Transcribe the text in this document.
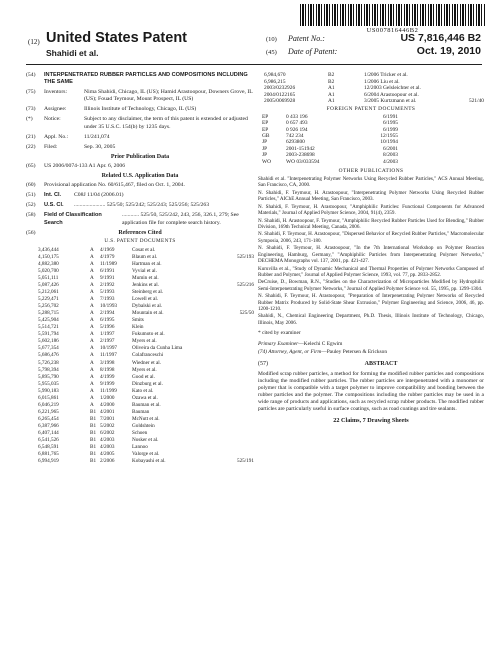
US007816446B2
(12) United States Patent
Shahidi et al.
(10)	Patent No.:	US 7,816,446 B2
(45)	Date of Patent:	Oct. 19, 2010
(54)	INTERPENETRATED RUBBER PARTICLES AND COMPOSITIONS INCLUDING THE SAME
(75)	Inventors:	Nima Shahidi, Chicago, IL (US); Hamid Arastoopour, Downers Grove, IL (US); Fouad Teymour, Mount Prospect, IL (US)
(73)	Assignee:	Illinois Institute of Technology, Chicago, IL (US)
(*)	Notice:	Subject to any disclaimer, the term of this patent is extended or adjusted under 35 U.S.C. 154(b) by 1235 days.
(21)	Appl. No.:	11/241,074
(22)	Filed:	Sep. 30, 2005
Prior Publication Data
(65)	US 2006/0074-133 A1 Apr. 6, 2006
Related U.S. Application Data
(60)	Provisional application No. 60/615,467, filed on Oct. 1, 2004.
(51)	Int. Cl.	C08J 11/04 (2006.01)
(52)	U.S. Cl.	...................... 525/50; 525/242; 525/243; 525/256; 525/263
(58)	Field of Classification Search
............ 525/50, 525/242, 243, 256, 326.1, 279; See application file for complete search history.
(56)	References Cited
U.S. PATENT DOCUMENTS
3,436,444	A	4/1969	Cosat et al.
4,150,175	A	4/1979	Blaum et al.	525/193
4,882,380	A	11/1989	Hartman et al.
5,020,700	A	6/1991	Vyvial et al.
5,051,111	A	9/1991	Mumin et al.
5,087,426	A	2/1992	Jenkins et al.	525/216
5,212,061	A	5/1993	Steinberg et al.
5,229,471	A	7/1993	Lowell et al.
5,256,702	A	10/1993	Dybalski et al.
5,288,715	A	2/1994	Mountain et al.	525/50
5,425,904	A	6/1995	Smits
5,514,721	A	5/1996	Klein
5,591,794	A	1/1997	Fukumoto et al.
5,602,186	A	2/1997	Myers et al.
5,677,354	A	10/1997	Oliveira da Cunha Lima
5,686,476	A	11/1997	Colafranceschi
5,726,238	A	3/1998	Wiedner et al.
5,798,394	A	8/1998	Myers et al.
5,895,790	A	4/1999	Good et al.
5,955,035	A	9/1999	Dinzburg et al.
5,990,183	A	11/1999	Kato et al.
6,015,861	A	1/2000	Ozawa et al.
6,046,219	A	4/2000	Bauman et al.
6,221,965	B1 4/2001	Bauman
6,265,454	B1 7/2001	McNutt et al.
6,387,966	B1 5/2002	Goldshtein
6,407,144	B1 6/2002	Schoen
6,541,526	B1 4/2003	Nosker et al.
6,548,591	B1 4/2003	Lannoo
6,881,765	B1 4/2005	Valorge et al.
6,994,919	B1 2/2006	Kobayashi et al.	525/191
6,984,670	B2	1/2006 Tricker et al.
6,986,215	B2	1/2006 Liu et al.
2003/0232926	A1	12/2003 Gelsleichter et al.
2004/0122165	A1	6/2004 Arastoopour et al.
2005/0069928	A1	3/2005 Kurtzmann et al.	521/40
FOREIGN PATENT DOCUMENTS
EP	0 433 196	6/1991
EP	0 657 493	6/1995
EP	0 926 194	6/1999
GB	742 234	12/1955
JP	6293800	10/1994
JP	2001-151942	6/2001
JP	2003-238698	8/2003
WO	WO 03/033594	4/2003
OTHER PUBLICATIONS
Shahidi et al. "Interpenetrating Polymer Networks Using Recycled Rubber Particles," ACS Annual Meeting, San Francisco, CA, 2000.
N. Shahidi, F. Teymour, H. Arastoopour, "Interpenetrating Polymer Networks Using Recycled Rubber Particles," AIChE Annual Meeting, San Francisco, 2003.
N. Shahidi, F. Teymour, H. Arastoopour, "Amphiphilic Particles: Functional Components for Advanced Materials," Journal of Applied Polymer Science, 2004, 91(4), 2359.
N. Shahidi, H. Arastoopour, F. Teymour, "Amphiphilic Recycled Rubber Particles Used for Blending," Rubber Division, 169th Technical Meeting, Canada, 2006.
N. Shahidi, F. Teymour, H. Arastoopour, "Dispersed Behavior of Recycled Rubber Particles," Macromolecular Symposia, 2006, 243, 171-180.
N. Shahidi, F. Teymour, H. Arastoopour, "In the 7th International Workshop on Polymer Reaction Engineering, Hamburg, Germany," "Amphiphilic Particles from Interpenetrating Polymer Networks," DECHEMA Monographs vol. 137, 2001, pp. 421-427.
Kuruvilla et al., "Study of Dynamic Mechanical and Thermal Properties of Polymer Networks Composed of Rubber and Polymer," Journal of Applied Polymer Science, 1993, vol. 77, pp. 2833-2852.
DeCruise, D., Bowman, R.N., "Studies on the Characterization of Microparticles Modified by Hydrophilic Semi-Interpenetrating Polymer Networks," Journal of Applied Polymer Science vol. 55, 1995, pp. 1299-1304.
N. Shahidi, F. Teymour, H. Arastoopour, "Preparation of Interpenetrating Polymer Networks of Recycled Rubber Matrix Produced by Solid-State Shear Extrusion," Polymer Engineering and Science, 2006, 46, pp. 1200-1210.
Shahidi, N., Chemical Engineering Department, Ph.D. Thesis, Illinois Institute of Technology, Chicago, Illinois, May 2006.
* cited by examiner
Primary Examiner—Kelechi C Egwim
(74) Attorney, Agent, or Firm—Pauley Petersen & Erickson
(57)	ABSTRACT
Modified scrap rubber particles, a method for forming the modified rubber particles and compositions including the modified rubber particles. The rubber particles are interpenetrated with a monomer or polymer that is compatible with a target polymer to improve compatibility and bonding between the rubber particles and the polymer. The compositions including the rubber particles may be used in a wide range of products and applications, such as recycled scrap rubber products. The modified rubber particles are particularly useful in surface coatings, such as road coatings and tire sealants.
22 Claims, 7 Drawing Sheets
